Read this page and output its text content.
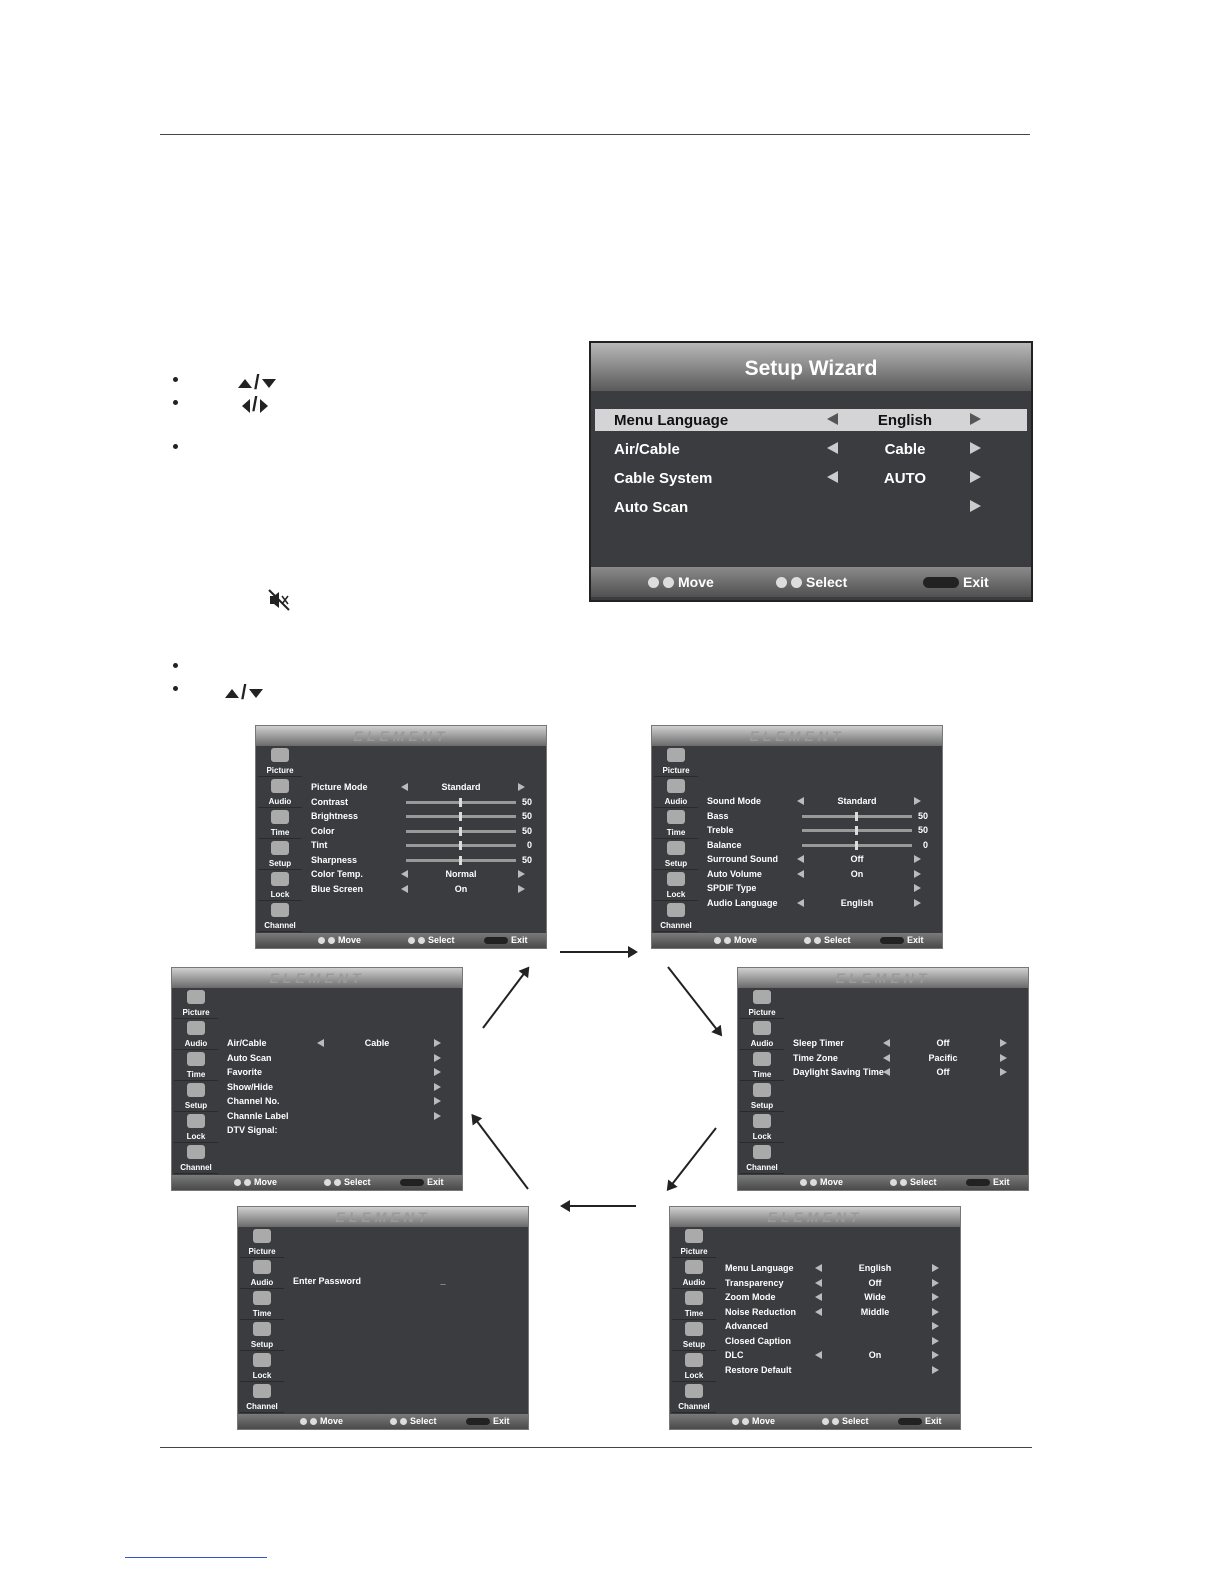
/
/
/
Setup Wizard
Menu Language	English
Air/Cable	Cable
Cable System	AUTO
Auto Scan
Move	Select	Exit
ELEMENT
Picture
Audio
Time
Setup
Lock
Channel
Picture Mode	Standard
Contrast	50
Brightness	50
Color	50
Tint	0
Sharpness	50
Color Temp.	Normal
Blue Screen	On
Move	Select	Exit
ELEMENT
Picture
Audio
Time
Setup
Lock
Channel
Sound Mode	Standard
Bass	50
Treble	50
Balance	0
Surround Sound	Off
Auto Volume	On
SPDIF Type
Audio Language	English
Move	Select	Exit
ELEMENT
Picture
Audio
Time
Setup
Lock
Channel
Air/Cable	Cable
Auto Scan
Favorite
Show/Hide
Channel No.
Channle Label
DTV Signal:
Move	Select	Exit
ELEMENT
Picture
Audio
Time
Setup
Lock
Channel
Sleep Timer	Off
Time Zone	Pacific
Daylight Saving Time	Off
Move	Select	Exit
ELEMENT
Picture
Audio
Time
Setup
Lock
Channel
Enter Password	_
Move	Select	Exit
ELEMENT
Picture
Audio
Time
Setup
Lock
Channel
Menu Language	English
Transparency	Off
Zoom Mode	Wide
Noise Reduction	Middle
Advanced
Closed Caption
DLC	On
Restore Default
Move	Select	Exit
